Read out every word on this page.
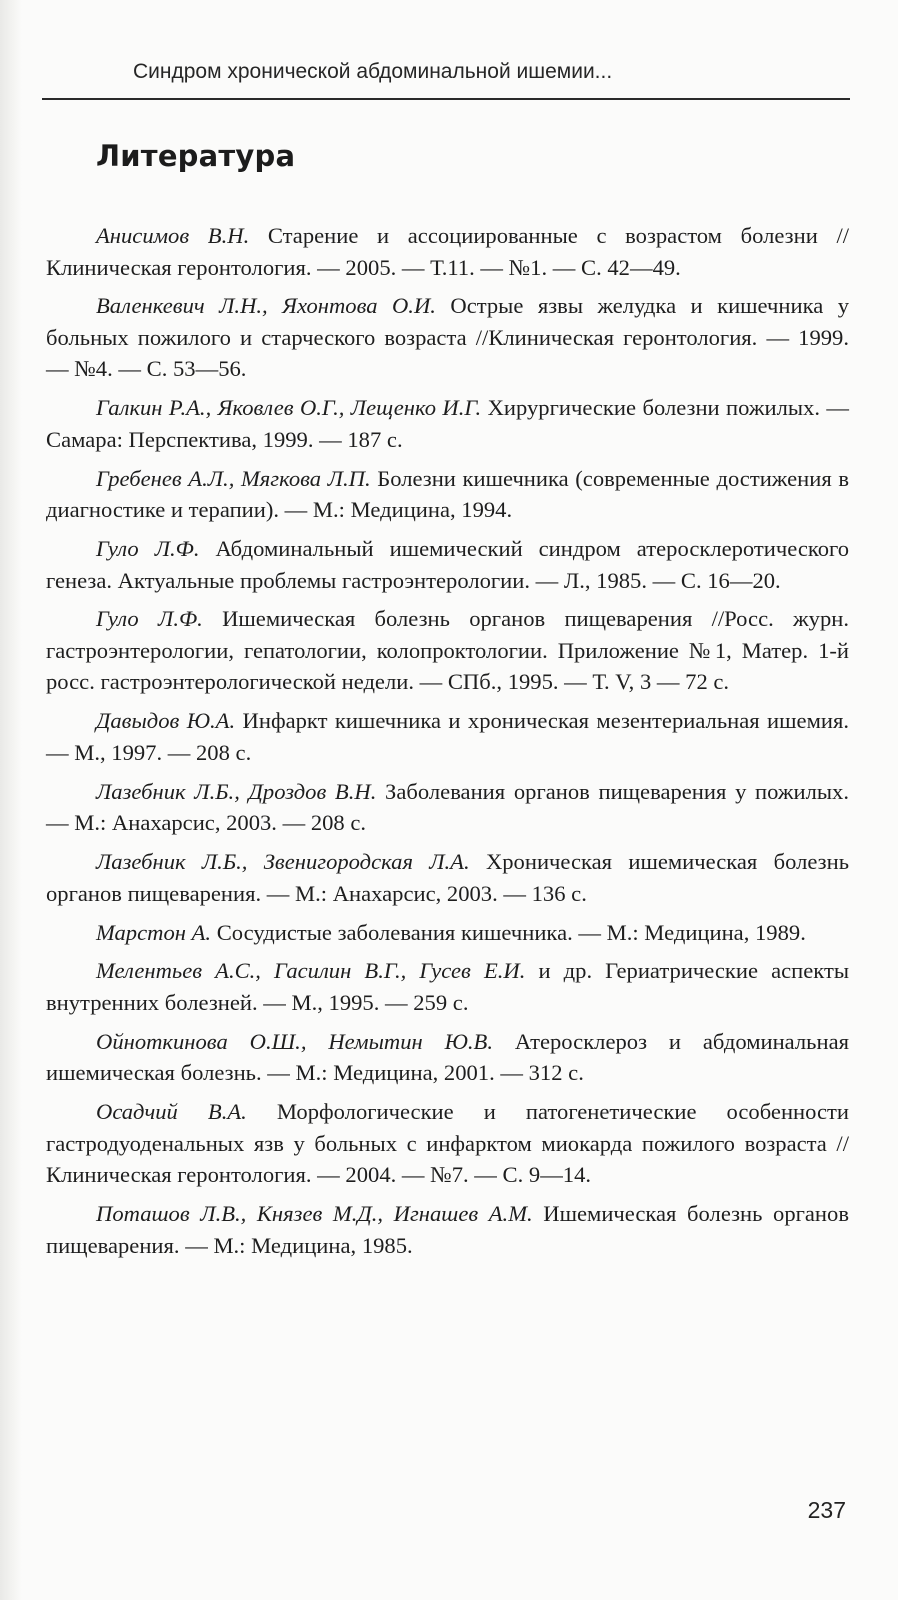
Синдром хронической абдоминальной ишемии...
Литература

Анисимов В.Н. Старение и ассоциированные с возрастом болезни //Клиническая геронтология. — 2005. — Т.11. — №1. — С. 42—49.

Валенкевич Л.Н., Яхонтова О.И. Острые язвы желудка и кишечника у больных пожилого и старческого возраста //Клиническая геронтология. — 1999. — №4. — С. 53—56.

Галкин Р.А., Яковлев О.Г., Лещенко И.Г. Хирургические болезни пожилых. — Самара: Перспектива, 1999. — 187 с.

Гребенев А.Л., Мягкова Л.П. Болезни кишечника (современные достижения в диагностике и терапии). — М.: Медицина, 1994.

Гуло Л.Ф. Абдоминальный ишемический синдром атеросклеротического генеза. Актуальные проблемы гастроэнтерологии. — Л., 1985. — С. 16—20.

Гуло Л.Ф. Ишемическая болезнь органов пищеварения //Росс. журн. гастроэнтерологии, гепатологии, колопроктологии. Приложение №1, Матер. 1-й росс. гастроэнтерологической недели. — СПб., 1995. — Т. V, 3 — 72 с.

Давыдов Ю.А. Инфаркт кишечника и хроническая мезентериальная ишемия. — М., 1997. — 208 с.

Лазебник Л.Б., Дроздов В.Н. Заболевания органов пищеварения у пожилых. — М.: Анахарсис, 2003. — 208 с.

Лазебник Л.Б., Звенигородская Л.А. Хроническая ишемическая болезнь органов пищеварения. — М.: Анахарсис, 2003. — 136 с.

Марстон А. Сосудистые заболевания кишечника. — М.: Медицина, 1989.

Мелентьев А.С., Гасилин В.Г., Гусев Е.И. и др. Гериатрические аспекты внутренних болезней. — М., 1995. — 259 с.

Ойноткинова О.Ш., Немытин Ю.В. Атеросклероз и абдоминальная ишемическая болезнь. — М.: Медицина, 2001. — 312 с.

Осадчий В.А. Морфологические и патогенетические особенности гастродуоденальных язв у больных с инфарктом миокарда пожилого возраста //Клиническая геронтология. — 2004. — №7. — С. 9—14.

Поташов Л.В., Князев М.Д., Игнашев А.М. Ишемическая болезнь органов пищеварения. — М.: Медицина, 1985.

237
